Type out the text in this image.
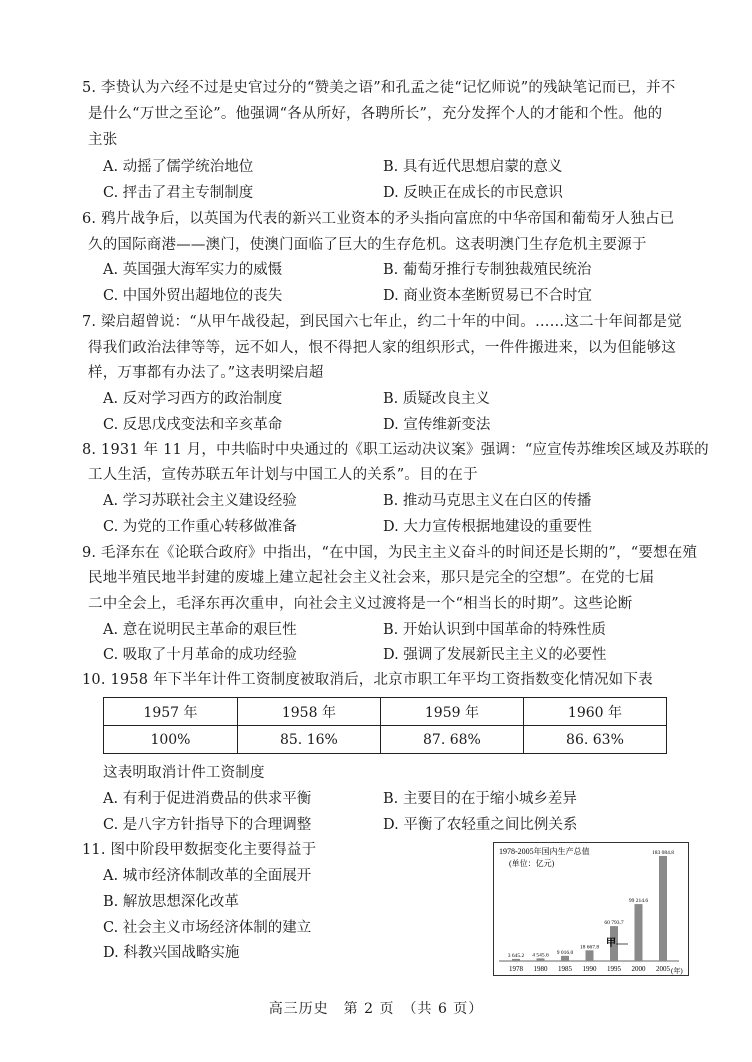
5. 李贽认为六经不过是史官过分的“赞美之语”和孔孟之徒“记忆师说”的残缺笔记而已，并不
是什么“万世之至论”。他强调“各从所好，各聘所长”，充分发挥个人的才能和个性。他的
主张
A. 动摇了儒学统治地位	B. 具有近代思想启蒙的意义
C. 抨击了君主专制制度	D. 反映正在成长的市民意识
6. 鸦片战争后，以英国为代表的新兴工业资本的矛头指向富庶的中华帝国和葡萄牙人独占已
久的国际商港——澳门，使澳门面临了巨大的生存危机。这表明澳门生存危机主要源于
A. 英国强大海军实力的威慑	B. 葡萄牙推行专制独裁殖民统治
C. 中国外贸出超地位的丧失	D. 商业资本垄断贸易已不合时宜
7. 梁启超曾说：“从甲午战役起，到民国六七年止，约二十年的中间。……这二十年间都是觉
得我们政治法律等等，远不如人，恨不得把人家的组织形式，一件件搬进来，以为但能够这
样，万事都有办法了。”这表明梁启超
A. 反对学习西方的政治制度	B. 质疑改良主义
C. 反思戊戌变法和辛亥革命	D. 宣传维新变法
8. 1931 年 11 月，中共临时中央通过的《职工运动决议案》强调：“应宣传苏维埃区域及苏联的
工人生活，宣传苏联五年计划与中国工人的关系”。目的在于
A. 学习苏联社会主义建设经验	B. 推动马克思主义在白区的传播
C. 为党的工作重心转移做准备	D. 大力宣传根据地建设的重要性
9. 毛泽东在《论联合政府》中指出，“在中国，为民主主义奋斗的时间还是长期的”，“要想在殖
民地半殖民地半封建的废墟上建立起社会主义社会来，那只是完全的空想”。在党的七届
二中全会上，毛泽东再次重申，向社会主义过渡将是一个“相当长的时期”。这些论断
A. 意在说明民主革命的艰巨性	B. 开始认识到中国革命的特殊性质
C. 吸取了十月革命的成功经验	D. 强调了发展新民主主义的必要性
10. 1958 年下半年计件工资制度被取消后，北京市职工年平均工资指数变化情况如下表
1957 年	1958 年	1959 年	1960 年
100%	85. 16%	87. 68%	86. 63%
这表明取消计件工资制度
A. 有利于促进消费品的供求平衡	B. 主要目的在于缩小城乡差异
C. 是八字方针指导下的合理调整	D. 平衡了农轻重之间比例关系
11. 图中阶段甲数据变化主要得益于
A. 城市经济体制改革的全面展开
B. 解放思想深化改革
C. 社会主义市场经济体制的建立
D. 科教兴国战略实施
1978-2005年国内生产总值
(单位：亿元)
3 645.2 4 545.6 9 016.0
18 667.8
60 793.7
99 214.6
183 084.8
1978 1980 1985 1990 1995 2000 2005 (年)
甲
高三历史　第 2 页　（共 6 页）
